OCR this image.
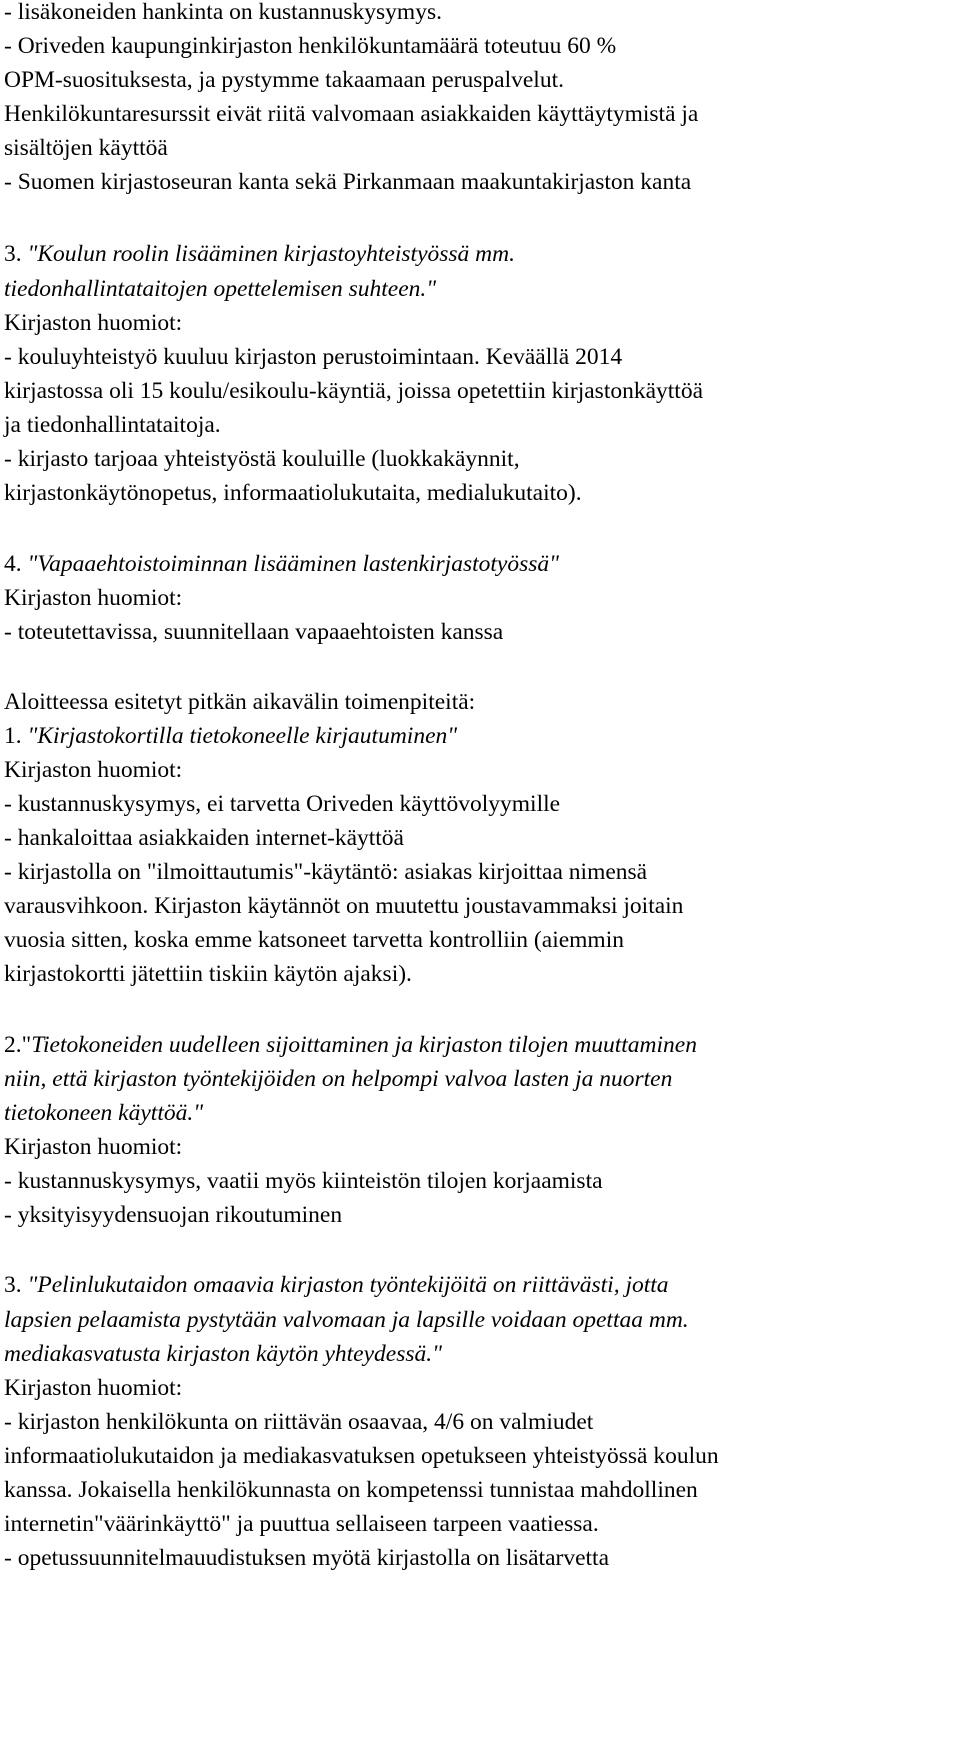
- lisäkoneiden hankinta on kustannuskysymys.
- Oriveden kaupunginkirjaston henkilökuntamäärä toteutuu 60 %
OPM-suosituksesta, ja pystymme takaamaan peruspalvelut.
Henkilökuntaresurssit eivät riitä valvomaan asiakkaiden käyttäytymistä ja
sisältöjen käyttöä
- Suomen kirjastoseuran kanta sekä Pirkanmaan maakuntakirjaston kanta
3. "Koulun roolin lisääminen kirjastoyhteistyössä mm.
tiedonhallintataitojen opettelemisen suhteen."
Kirjaston huomiot:
- kouluyhteistyö kuuluu kirjaston perustoimintaan. Keväällä 2014
kirjastossa oli 15 koulu/esikoulu-käyntiä, joissa opetettiin kirjastonkäyttöä
ja tiedonhallintataitoja.
- kirjasto tarjoaa yhteistyöstä kouluille (luokkakäynnit,
kirjastonkäytönopetus, informaatiolukutaita, medialukutaito).
4. "Vapaaehtoistoiminnan lisääminen lastenkirjastotyössä"
Kirjaston huomiot:
- toteutettavissa, suunnitellaan vapaaehtoisten kanssa
Aloitteessa esitetyt pitkän aikavälin toimenpiteitä:
1. "Kirjastokortilla tietokoneelle kirjautuminen"
Kirjaston huomiot:
- kustannuskysymys, ei tarvetta Oriveden käyttövolyymille
- hankaloittaa asiakkaiden internet-käyttöä
- kirjastolla on "ilmoittautumis"-käytäntö: asiakas kirjoittaa nimensä
varausvihkoon. Kirjaston käytännöt on muutettu joustavammaksi joitain
vuosia sitten, koska emme katsoneet tarvetta kontrolliin (aiemmin
kirjastokortti jätettiin tiskiin käytön ajaksi).
2."Tietokoneiden uudelleen sijoittaminen ja kirjaston tilojen muuttaminen
niin, että kirjaston työntekijöiden on helpompi valvoa lasten ja nuorten
tietokoneen käyttöä."
Kirjaston huomiot:
- kustannuskysymys, vaatii myös kiinteistön tilojen korjaamista
- yksityisyydensuojan rikoutuminen
3. "Pelinlukutaidon omaavia kirjaston työntekijöitä on riittävästi, jotta
lapsien pelaamista pystytään valvomaan ja lapsille voidaan opettaa mm.
mediakasvatusta kirjaston käytön yhteydessä."
Kirjaston huomiot:
- kirjaston henkilökunta on riittävän osaavaa, 4/6 on valmiudet
informaatiolukutaidon ja mediakasvatuksen opetukseen yhteistyössä koulun
kanssa. Jokaisella henkilökunnasta on kompetenssi tunnistaa mahdollinen
internetin"väärinkäyttö" ja puuttua sellaiseen tarpeen vaatiessa.
- opetussuunnitelmauudistuksen myötä kirjastolla on lisätarvetta
